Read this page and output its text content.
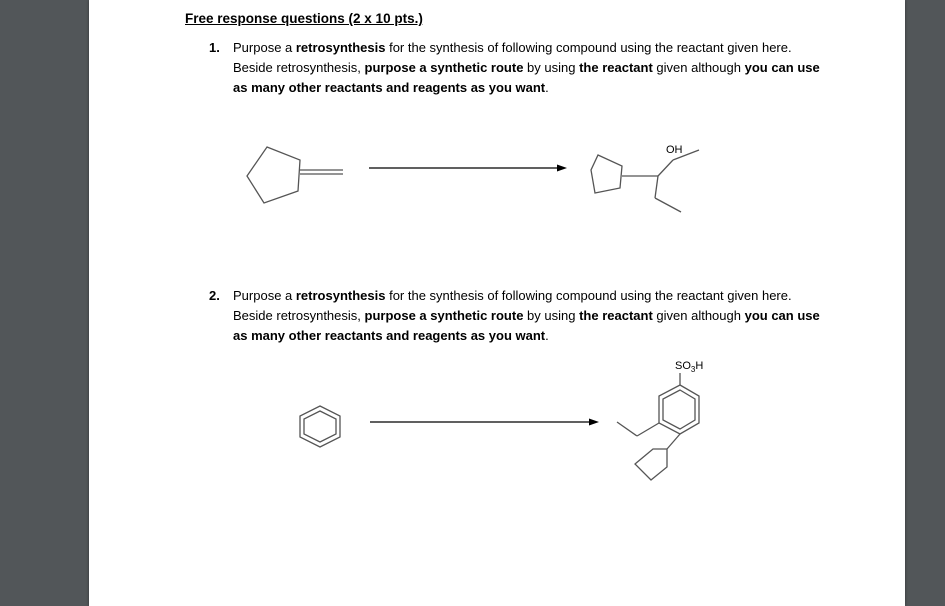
Free response questions (2 x 10 pts.)
1. Purpose a retrosynthesis for the synthesis of following compound using the reactant given here. Beside retrosynthesis, purpose a synthetic route by using the reactant given although you can use as many other reactants and reagents as you want.
2. Purpose a retrosynthesis for the synthesis of following compound using the reactant given here. Beside retrosynthesis, purpose a synthetic route by using the reactant given although you can use as many other reactants and reagents as you want.
OH
$SO_3H$
